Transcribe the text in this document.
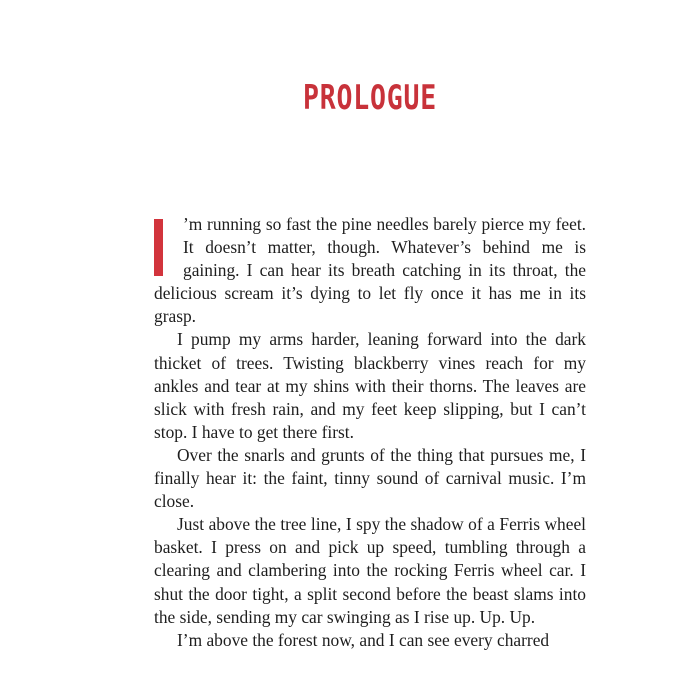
PROLOGUE

’m running so fast the pine needles barely pierce my feet. It doesn’t matter, though. Whatever’s behind me is gaining. I can hear its breath catching in its throat, the delicious scream it’s dying to let fly once it has me in its grasp.

I pump my arms harder, leaning forward into the dark thicket of trees. Twisting blackberry vines reach for my ankles and tear at my shins with their thorns. The leaves are slick with fresh rain, and my feet keep slipping, but I can’t stop. I have to get there first.

Over the snarls and grunts of the thing that pursues me, I finally hear it: the faint, tinny sound of carnival music. I’m close.

Just above the tree line, I spy the shadow of a Ferris wheel basket. I press on and pick up speed, tumbling through a clearing and clambering into the rocking Ferris wheel car. I shut the door tight, a split second before the beast slams into the side, sending my car swinging as I rise up. Up. Up.

I’m above the forest now, and I can see every charred
